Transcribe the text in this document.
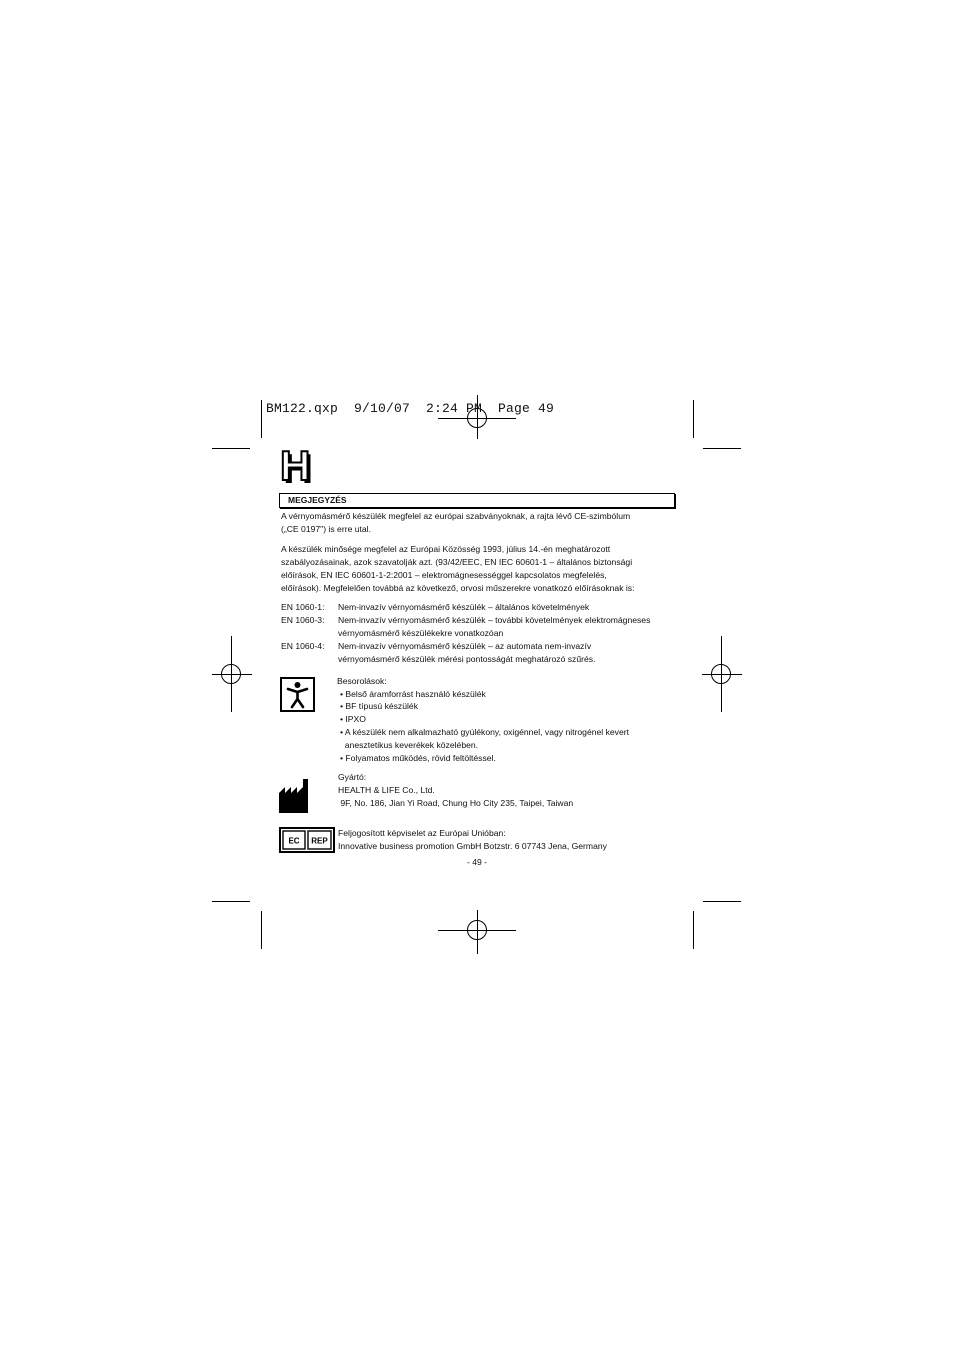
BM122.qxp  9/10/07  2:24 PM  Page 49
H
MEGJEGYZÉS
A vérnyomásmérő készülék megfelel az európai szabványoknak, a rajta lévő CE-szimbólum
(„CE 0197") is erre utal.
A készülék minősége megfelel az Európai Közösség 1993, július 14.-én meghatározott
szabályozásainak, azok szavatolják azt. (93/42/EEC, EN IEC 60601-1 – általános biztonsági
előírások, EN IEC 60601-1-2:2001 – elektromágnesességgel kapcsolatos megfelelés,
előírások). Megfelelően továbbá az következő, orvosi műszerekre vonatkozó előírásoknak is:
EN 1060-1: Nem-invazív vérnyomásmérő készülék – általános követelmények
EN 1060-3: Nem-invazív vérnyomásmérő készülék – további követelmények elektromágneses
vérnyomásmérő készülékekre vonatkozóan
EN 1060-4: Nem-invazív vérnyomásmérő készülék – az automata nem-invazív
vérnyomásmérő készülék mérési pontosságát meghatározó szűrés.
Besorolások:
• Belső áramforrást használó készülék
• BF típusú készülék
• IPXO
• A készülék nem alkalmazható gyúlékony, oxigénnel, vagy nitrogénel kevert
anesztetikus keverékek közelében.
• Folyamatos működés, rövid feltöltéssel.
Gyártó:
HEALTH & LIFE Co., Ltd.
9F, No. 186, Jian Yi Road, Chung Ho City 235, Taipei, Taiwan
EC REP
Feljogosított képviselet az Európai Unióban:
Innovative business promotion GmbH Botzstr. 6 07743 Jena, Germany
- 49 -
